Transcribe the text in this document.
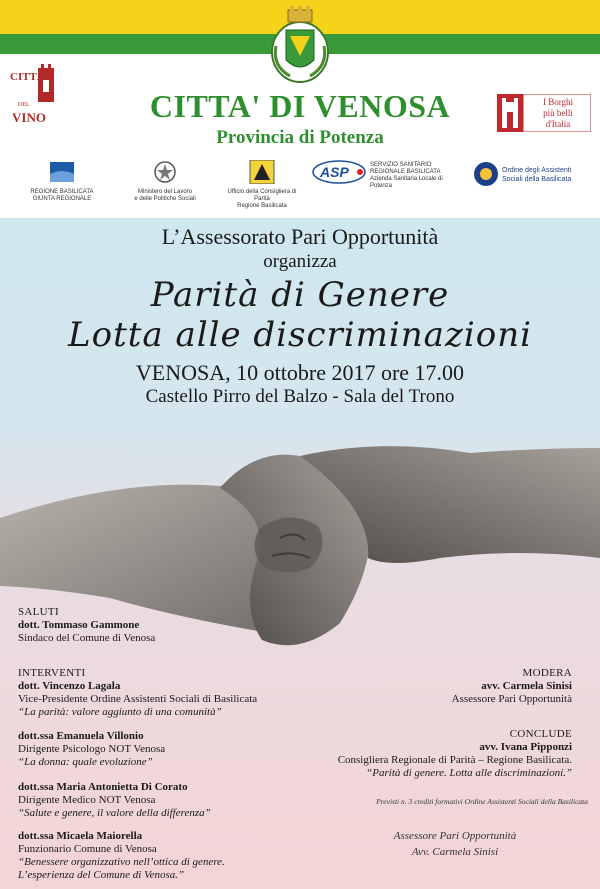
CITTÀ
DEL
VINO
I Borghi
più belli
d'Italia
CITTA' DI VENOSA
Provincia di Potenza
REGIONE BASILICATA
GIUNTA REGIONALE
Ministero del Lavoro
e delle Politiche Sociali
Ufficio della Consigliera di Parità
Regione Basilicata
ASP	SERVIZIO SANITARIO REGIONALE BASILICATA
Azienda Sanitaria Locale di Potenza
Ordine degli Assistenti
Sociali della Basilicata
L’Assessorato Pari Opportunità
organizza
Parità di Genere
Lotta alle discriminazioni
VENOSA, 10 ottobre 2017 ore 17.00
Castello Pirro del Balzo - Sala del Trono
SALUTI
dott. Tommaso Gammone
Sindaco del Comune di Venosa
INTERVENTI
dott. Vincenzo Lagala
Vice-Presidente Ordine Assistenti Sociali di Basilicata
“La parità: valore aggiunto di una comunità”
dott.ssa Emanuela Villonio
Dirigente Psicologo NOT Venosa
“La donna: quale evoluzione”
dott.ssa Maria Antonietta Di Corato
Dirigente Medico NOT Venosa
“Salute e genere, il valore della differenza”
dott.ssa Micaela Maiorella
Funzionario Comune di Venosa
“Benessere organizzativo nell’ottica di genere.
L’esperienza del Comune di Venosa.”
MODERA
avv. Carmela Sinisi
Assessore Pari Opportunità
CONCLUDE
avv. Ivana Pipponzi
Consigliera Regionale di Parità – Regione Basilicata.
“Parità di genere. Lotta alle discriminazioni.”
Previsti n. 3 crediti formativi Ordine Assistenti Sociali della Basilicata
Assessore Pari Opportunità
Avv. Carmela Sinisi
